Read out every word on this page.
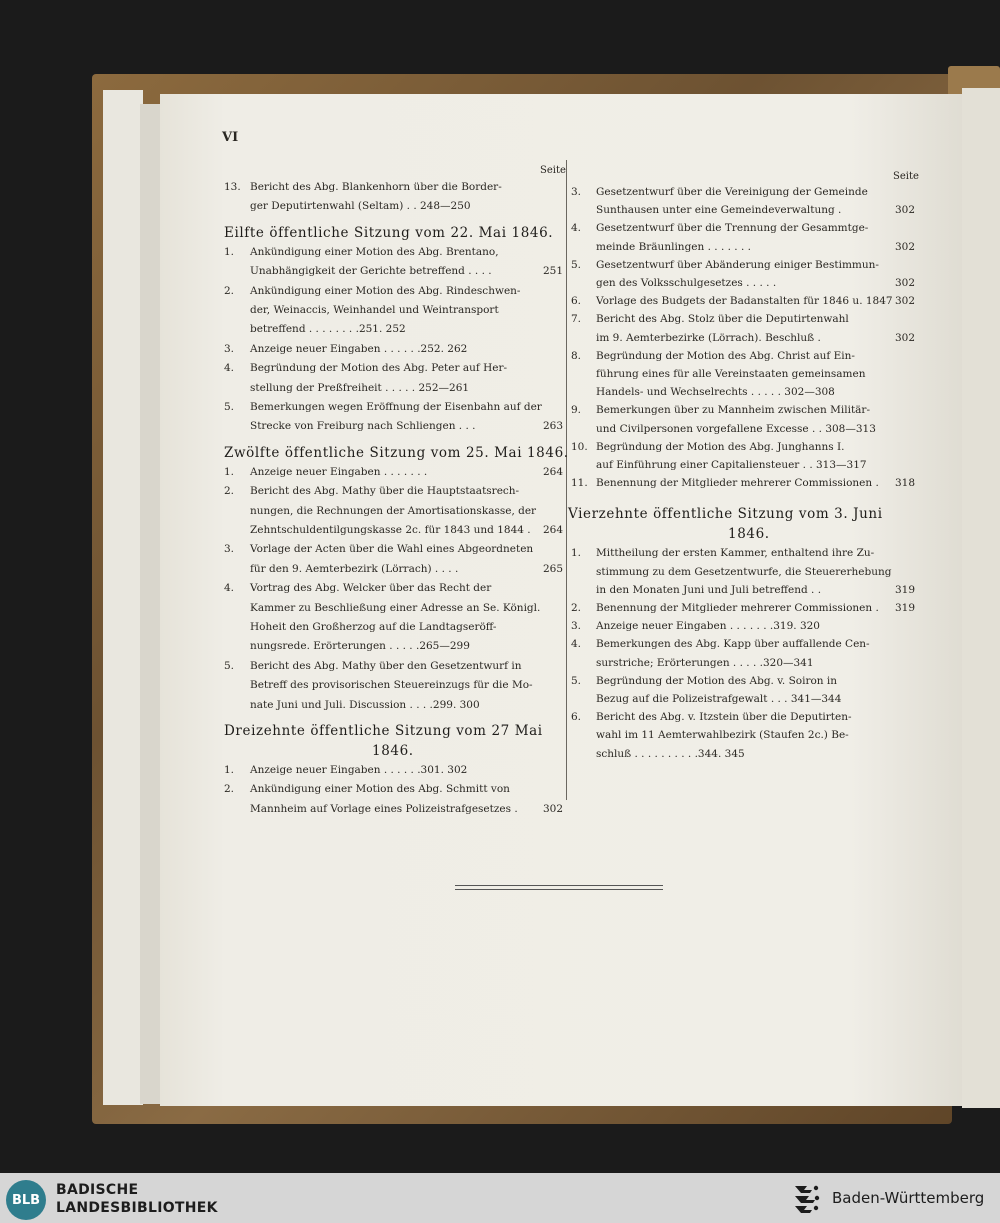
VI
Seite
13. Bericht des Abg. Blankenhorn über die Border-
ger Deputirtenwahl (Seltam) . . 248—250
Eilfte öffentliche Sitzung vom 22. Mai 1846.
1. Ankündigung einer Motion des Abg. Brentano,
Unabhängigkeit der Gerichte betreffend . . . .	251
2. Ankündigung einer Motion des Abg. Rindeschwen-
der, Weinaccis, Weinhandel und Weintransport
betreffend . . . . . . . .251. 252
3. Anzeige neuer Eingaben . . . . . .252. 262
4. Begründung der Motion des Abg. Peter auf Her-
stellung der Preßfreiheit . . . . . 252—261
5. Bemerkungen wegen Eröffnung der Eisenbahn auf der
Strecke von Freiburg nach Schliengen . . .	263
Zwölfte öffentliche Sitzung vom 25. Mai 1846.
1. Anzeige neuer Eingaben . . . . . . .	264
2. Bericht des Abg. Mathy über die Hauptstaatsrech-
nungen, die Rechnungen der Amortisationskasse, der
Zehntschuldentilgungskasse 2c. für 1843 und 1844 . 264
3. Vorlage der Acten über die Wahl eines Abgeordneten
für den 9. Aemterbezirk (Lörrach) . . . .	265
4. Vortrag des Abg. Welcker über das Recht der
Kammer zu Beschließung einer Adresse an Se. Königl.
Hoheit den Großherzog auf die Landtagseröff-
nungsrede. Erörterungen . . . . .265—299
5. Bericht des Abg. Mathy über den Gesetzentwurf in
Betreff des provisorischen Steuereinzugs für die Mo-
nate Juni und Juli. Discussion . . . .299. 300
Dreizehnte öffentliche Sitzung vom 27 Mai
1846.
1. Anzeige neuer Eingaben . . . . . .301. 302
2. Ankündigung einer Motion des Abg. Schmitt von
Mannheim auf Vorlage eines Polizeistrafgesetzes . 302
Seite
3. Gesetzentwurf über die Vereinigung der Gemeinde
Sunthausen unter eine Gemeindeverwaltung .	302
4. Gesetzentwurf über die Trennung der Gesammtge-
meinde Bräunlingen . . . . . . .	302
5. Gesetzentwurf über Abänderung einiger Bestimmun-
gen des Volksschulgesetzes . . . . .	302
6. Vorlage des Budgets der Badanstalten für 1846 u. 1847 302
7. Bericht des Abg. Stolz über die Deputirtenwahl
im 9. Aemterbezirke (Lörrach). Beschluß .	302
8. Begründung der Motion des Abg. Christ auf Ein-
führung eines für alle Vereinstaaten gemeinsamen
Handels- und Wechselrechts . . . . . 302—308
9. Bemerkungen über zu Mannheim zwischen Militär-
und Civilpersonen vorgefallene Excesse . . 308—313
10. Begründung der Motion des Abg. Junghanns I.
auf Einführung einer Capitaliensteuer . . 313—317
11. Benennung der Mitglieder mehrerer Commissionen . 318
Vierzehnte öffentliche Sitzung vom 3. Juni
1846.
1. Mittheilung der ersten Kammer, enthaltend ihre Zu-
stimmung zu dem Gesetzentwurfe, die Steuererhebung
in den Monaten Juni und Juli betreffend . .	319
2. Benennung der Mitglieder mehrerer Commissionen . 319
3. Anzeige neuer Eingaben . . . . . . .319. 320
4. Bemerkungen des Abg. Kapp über auffallende Cen-
surstriche; Erörterungen . . . . .320—341
5. Begründung der Motion des Abg. v. Soiron in
Bezug auf die Polizeistrafgewalt . . . 341—344
6. Bericht des Abg. v. Itzstein über die Deputirten-
wahl im 11 Aemterwahlbezirk (Staufen 2c.) Be-
schluß . . . . . . . . . .344. 345
BLB
BADISCHE
LANDESBIBLIOTHEK
Baden-Württemberg
